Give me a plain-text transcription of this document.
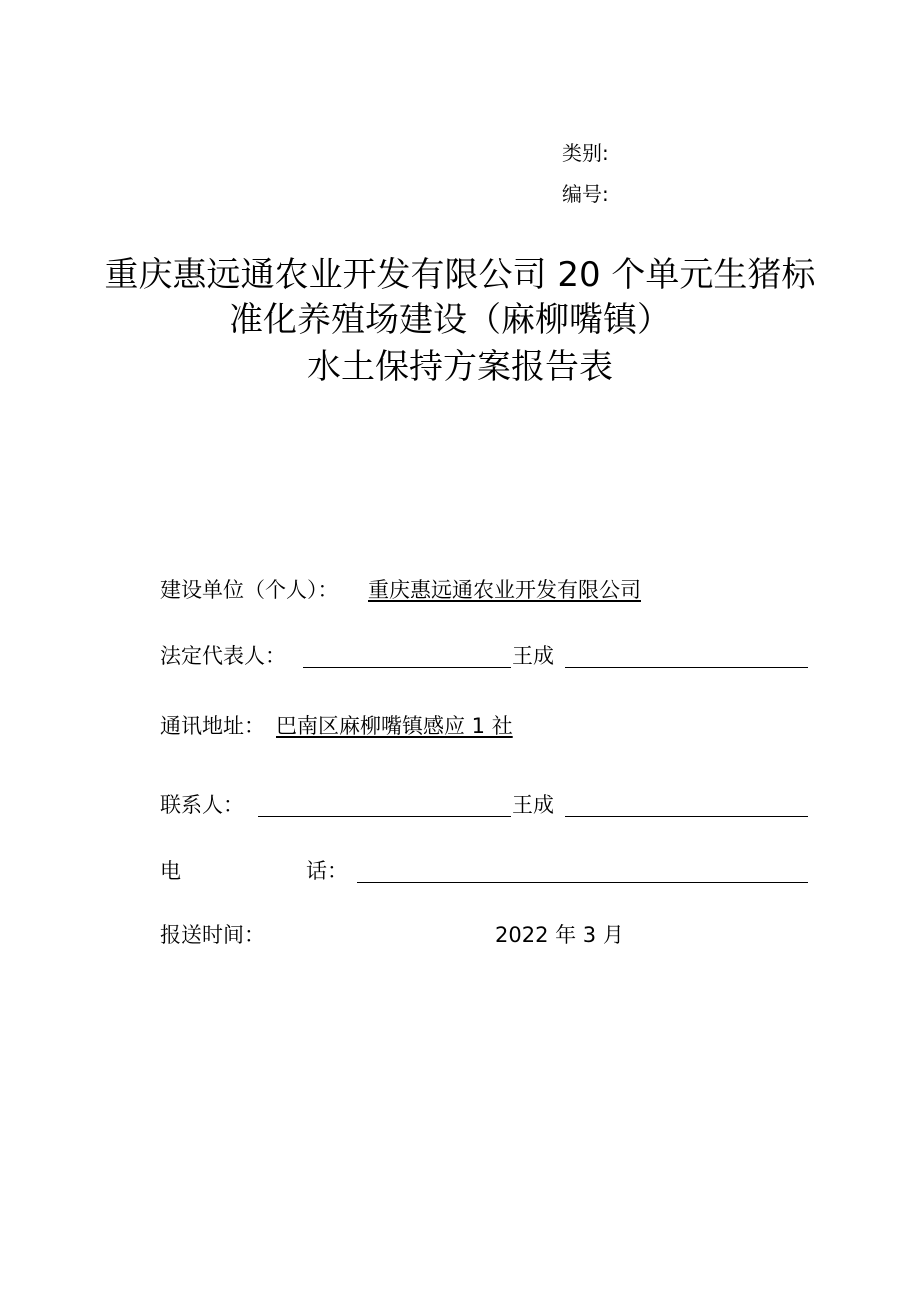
类别:
编号:
重庆惠远通农业开发有限公司 20 个单元生猪标
准化养殖场建设（麻柳嘴镇）
水土保持方案报告表
建设单位（个人）： 重庆惠远通农业开发有限公司
法定代表人：	王成
通讯地址： 巴南区麻柳嘴镇感应 1 社
联系人：	王成
电	话：
报送时间：	2022 年 3 月
